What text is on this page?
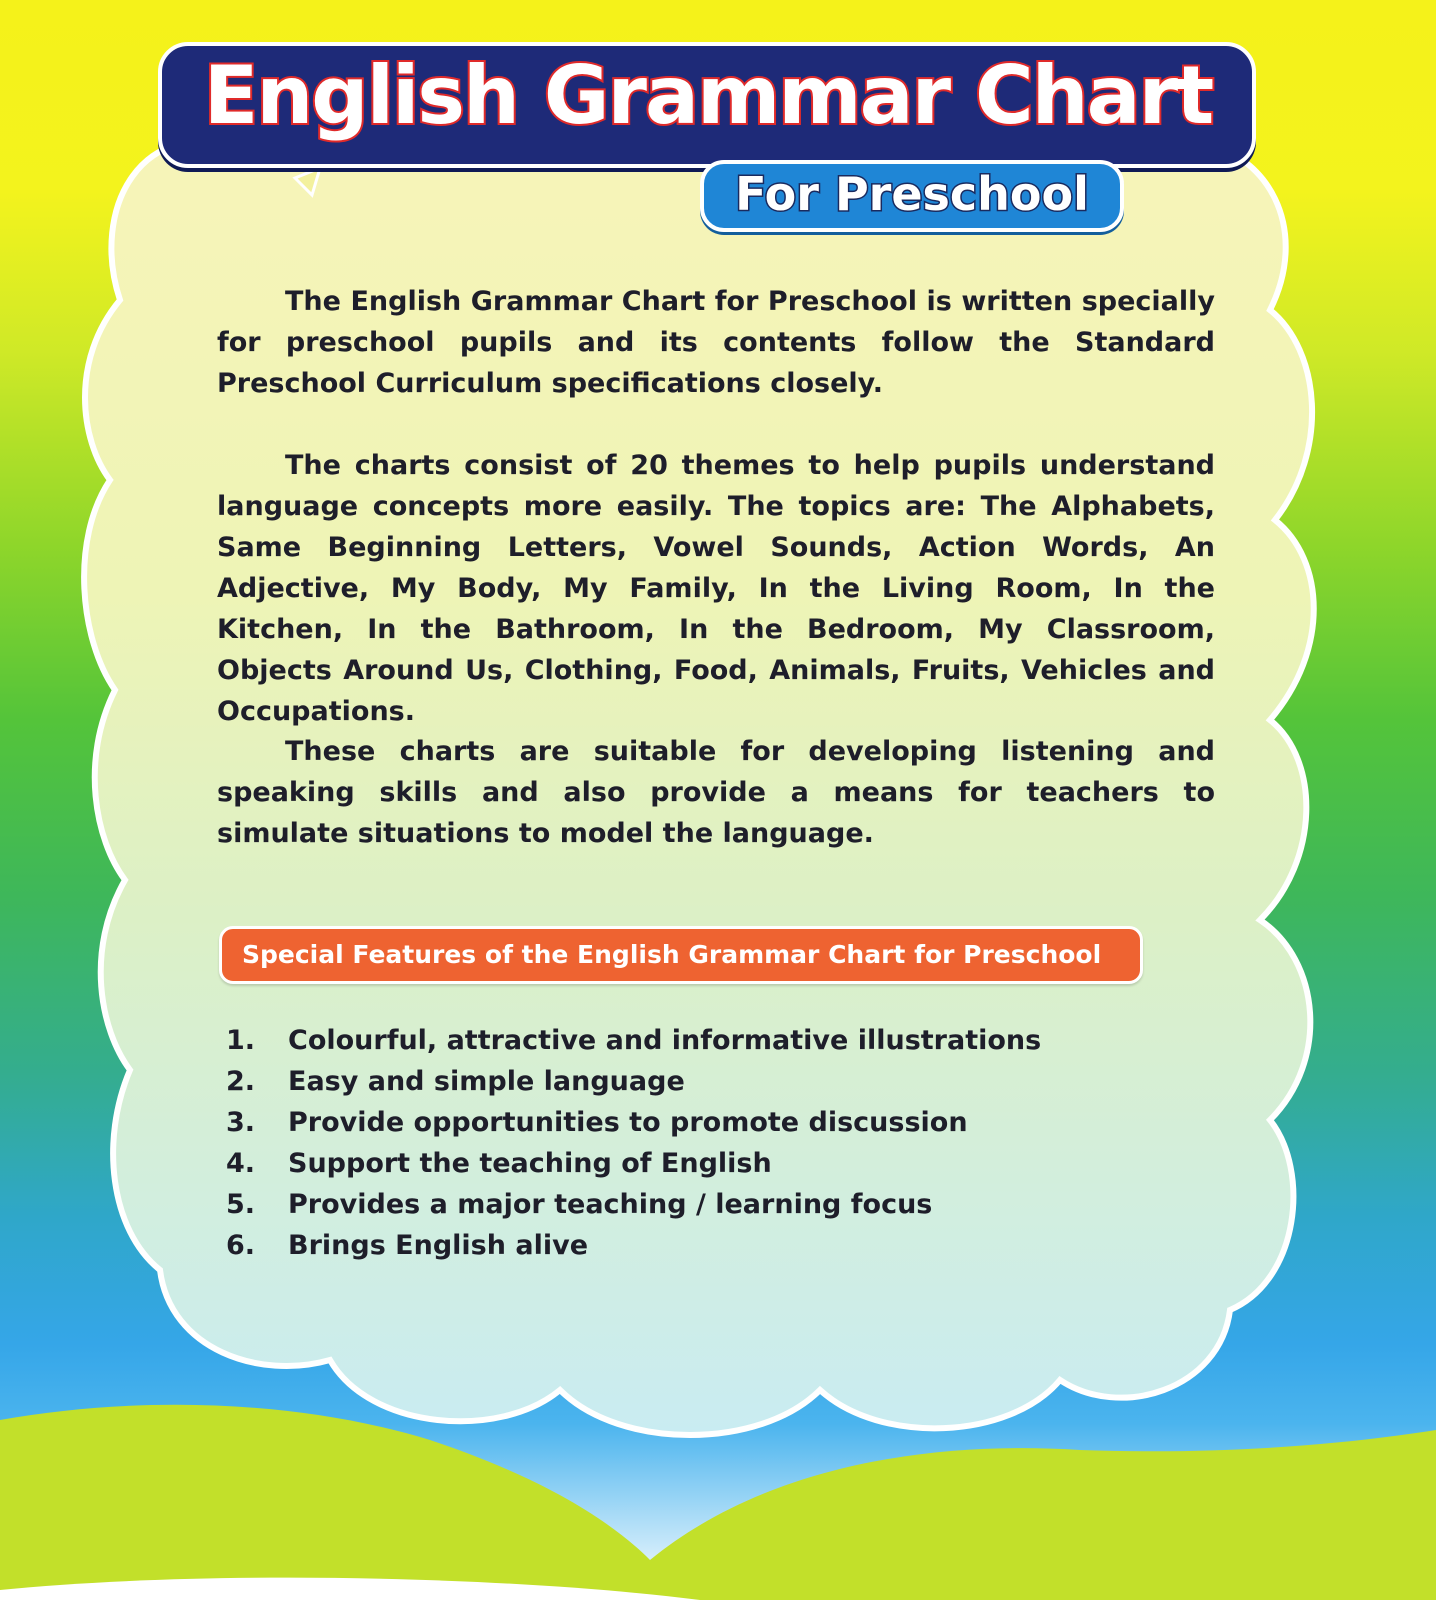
English Grammar Chart
For Preschool

The English Grammar Chart for Preschool is written specially for preschool pupils and its contents follow the Standard Preschool Curriculum specifications closely.

The charts consist of 20 themes to help pupils understand language concepts more easily. The topics are: The Alphabets, Same Beginning Letters, Vowel Sounds, Action Words, An Adjective, My Body, My Family, In the Living Room, In the Kitchen, In the Bathroom, In the Bedroom, My Classroom, Objects Around Us, Clothing, Food, Animals, Fruits, Vehicles and Occupations.

These charts are suitable for developing listening and speaking skills and also provide a means for teachers to simulate situations to model the language.

Special Features of the English Grammar Chart for Preschool
1.	Colourful, attractive and informative illustrations
2.	Easy and simple language
3.	Provide opportunities to promote discussion
4.	Support the teaching of English
5.	Provides a major teaching / learning focus
6.	Brings English alive
